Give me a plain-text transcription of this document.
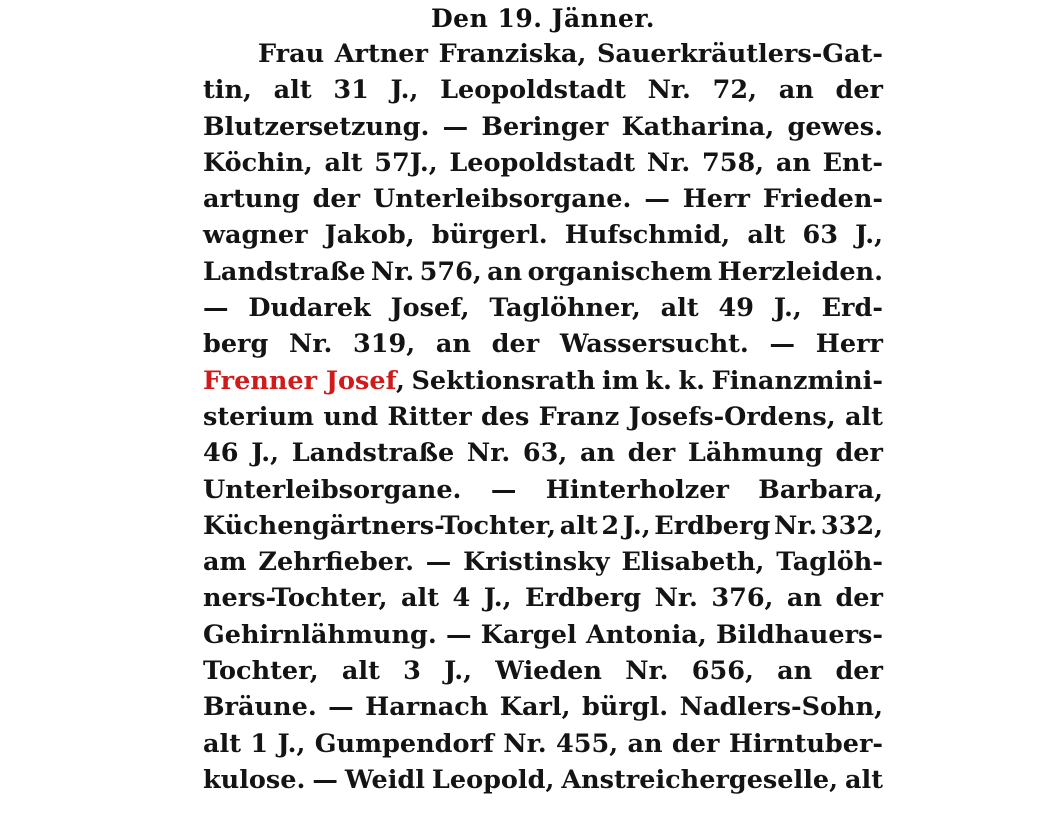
Den 19. Jänner.
Frau Artner Franziska, Sauerkräutlers-Gat-
tin, alt 31 J., Leopoldstadt Nr. 72, an der
Blutzersetzung. — Beringer Katharina, gewes.
Köchin, alt 57J., Leopoldstadt Nr. 758, an Ent-
artung der Unterleibsorgane. — Herr Frieden-
wagner Jakob, bürgerl. Hufschmid, alt 63 J.,
Landstraße Nr. 576, an organischem Herzleiden.
— Dudarek Josef, Taglöhner, alt 49 J., Erd-
berg Nr. 319, an der Wassersucht. — Herr
Frenner Josef, Sektionsrath im k. k. Finanzmini-
sterium und Ritter des Franz Josefs-Ordens, alt
46 J., Landstraße Nr. 63, an der Lähmung der
Unterleibsorgane. — Hinterholzer Barbara,
Küchengärtners-Tochter, alt 2 J., Erdberg Nr. 332,
am Zehrfieber. — Kristinsky Elisabeth, Taglöh-
ners-Tochter, alt 4 J., Erdberg Nr. 376, an der
Gehirnlähmung. — Kargel Antonia, Bildhauers-
Tochter, alt 3 J., Wieden Nr. 656, an der
Bräune. — Harnach Karl, bürgl. Nadlers-Sohn,
alt 1 J., Gumpendorf Nr. 455, an der Hirntuber-
kulose. — Weidl Leopold, Anstreichergeselle, alt
